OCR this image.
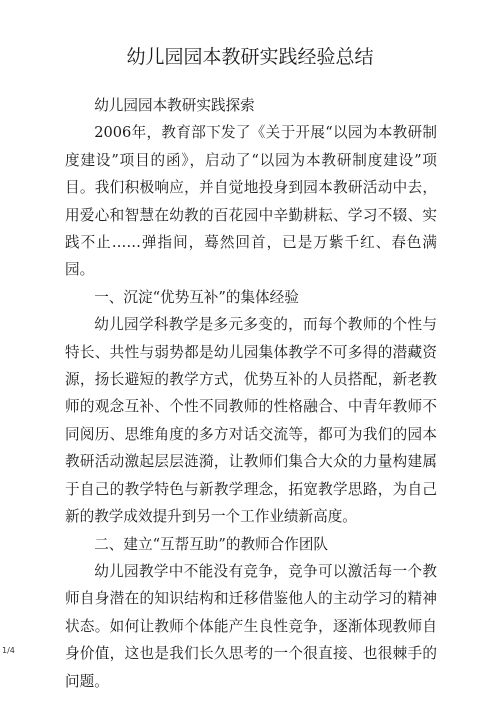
幼儿园园本教研实践经验总结

幼儿园园本教研实践探索

2006年，教育部下发了《关于开展“以园为本教研制度建设”项目的函》，启动了“以园为本教研制度建设”项目。我们积极响应，并自觉地投身到园本教研活动中去，用爱心和智慧在幼教的百花园中辛勤耕耘、学习不辍、实践不止……弹指间，蓦然回首，已是万紫千红、春色满园。

一、沉淀“优势互补”的集体经验

幼儿园学科教学是多元多变的，而每个教师的个性与特长、共性与弱势都是幼儿园集体教学不可多得的潜藏资源，扬长避短的教学方式，优势互补的人员搭配，新老教师的观念互补、个性不同教师的性格融合、中青年教师不同阅历、思维角度的多方对话交流等，都可为我们的园本教研活动激起层层涟漪，让教师们集合大众的力量构建属于自己的教学特色与新教学理念，拓宽教学思路，为自己新的教学成效提升到另一个工作业绩新高度。

二、建立“互帮互助”的教师合作团队

幼儿园教学中不能没有竞争，竞争可以激活每一个教师自身潜在的知识结构和迁移借鉴他人的主动学习的精神状态。如何让教师个体能产生良性竞争，逐渐体现教师自身价值，这也是我们长久思考的一个很直接、也很棘手的问题。

1/4
